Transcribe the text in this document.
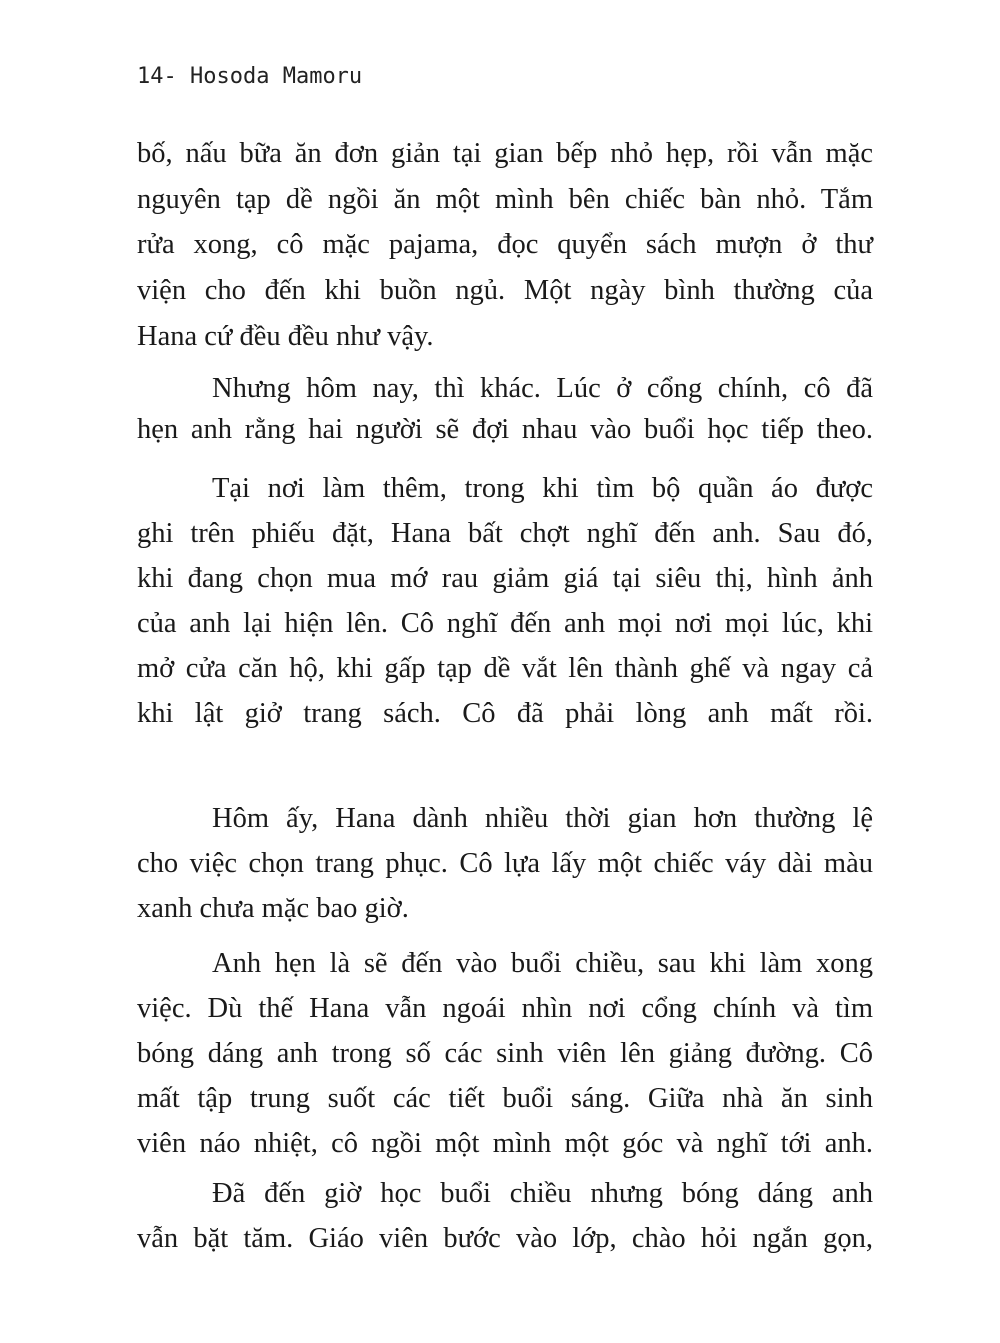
14- Hosoda Mamoru
bố, nấu bữa ăn đơn giản tại gian bếp nhỏ hẹp, rồi vẫn mặc
nguyên tạp dề ngồi ăn một mình bên chiếc bàn nhỏ. Tắm
rửa xong, cô mặc pajama, đọc quyển sách mượn ở thư
viện cho đến khi buồn ngủ. Một ngày bình thường của
Hana cứ đều đều như vậy.
Nhưng hôm nay, thì khác. Lúc ở cổng chính, cô đã
hẹn anh rằng hai người sẽ đợi nhau vào buổi học tiếp theo.
Tại nơi làm thêm, trong khi tìm bộ quần áo được
ghi trên phiếu đặt, Hana bất chợt nghĩ đến anh. Sau đó,
khi đang chọn mua mớ rau giảm giá tại siêu thị, hình ảnh
của anh lại hiện lên. Cô nghĩ đến anh mọi nơi mọi lúc, khi
mở cửa căn hộ, khi gấp tạp dề vắt lên thành ghế và ngay cả
khi lật giở trang sách. Cô đã phải lòng anh mất rồi.
Hôm ấy, Hana dành nhiều thời gian hơn thường lệ
cho việc chọn trang phục. Cô lựa lấy một chiếc váy dài màu
xanh chưa mặc bao giờ.
Anh hẹn là sẽ đến vào buổi chiều, sau khi làm xong
việc. Dù thế Hana vẫn ngoái nhìn nơi cổng chính và tìm
bóng dáng anh trong số các sinh viên lên giảng đường. Cô
mất tập trung suốt các tiết buổi sáng. Giữa nhà ăn sinh
viên náo nhiệt, cô ngồi một mình một góc và nghĩ tới anh.
Đã đến giờ học buổi chiều nhưng bóng dáng anh
vẫn bặt tăm. Giáo viên bước vào lớp, chào hỏi ngắn gọn,
